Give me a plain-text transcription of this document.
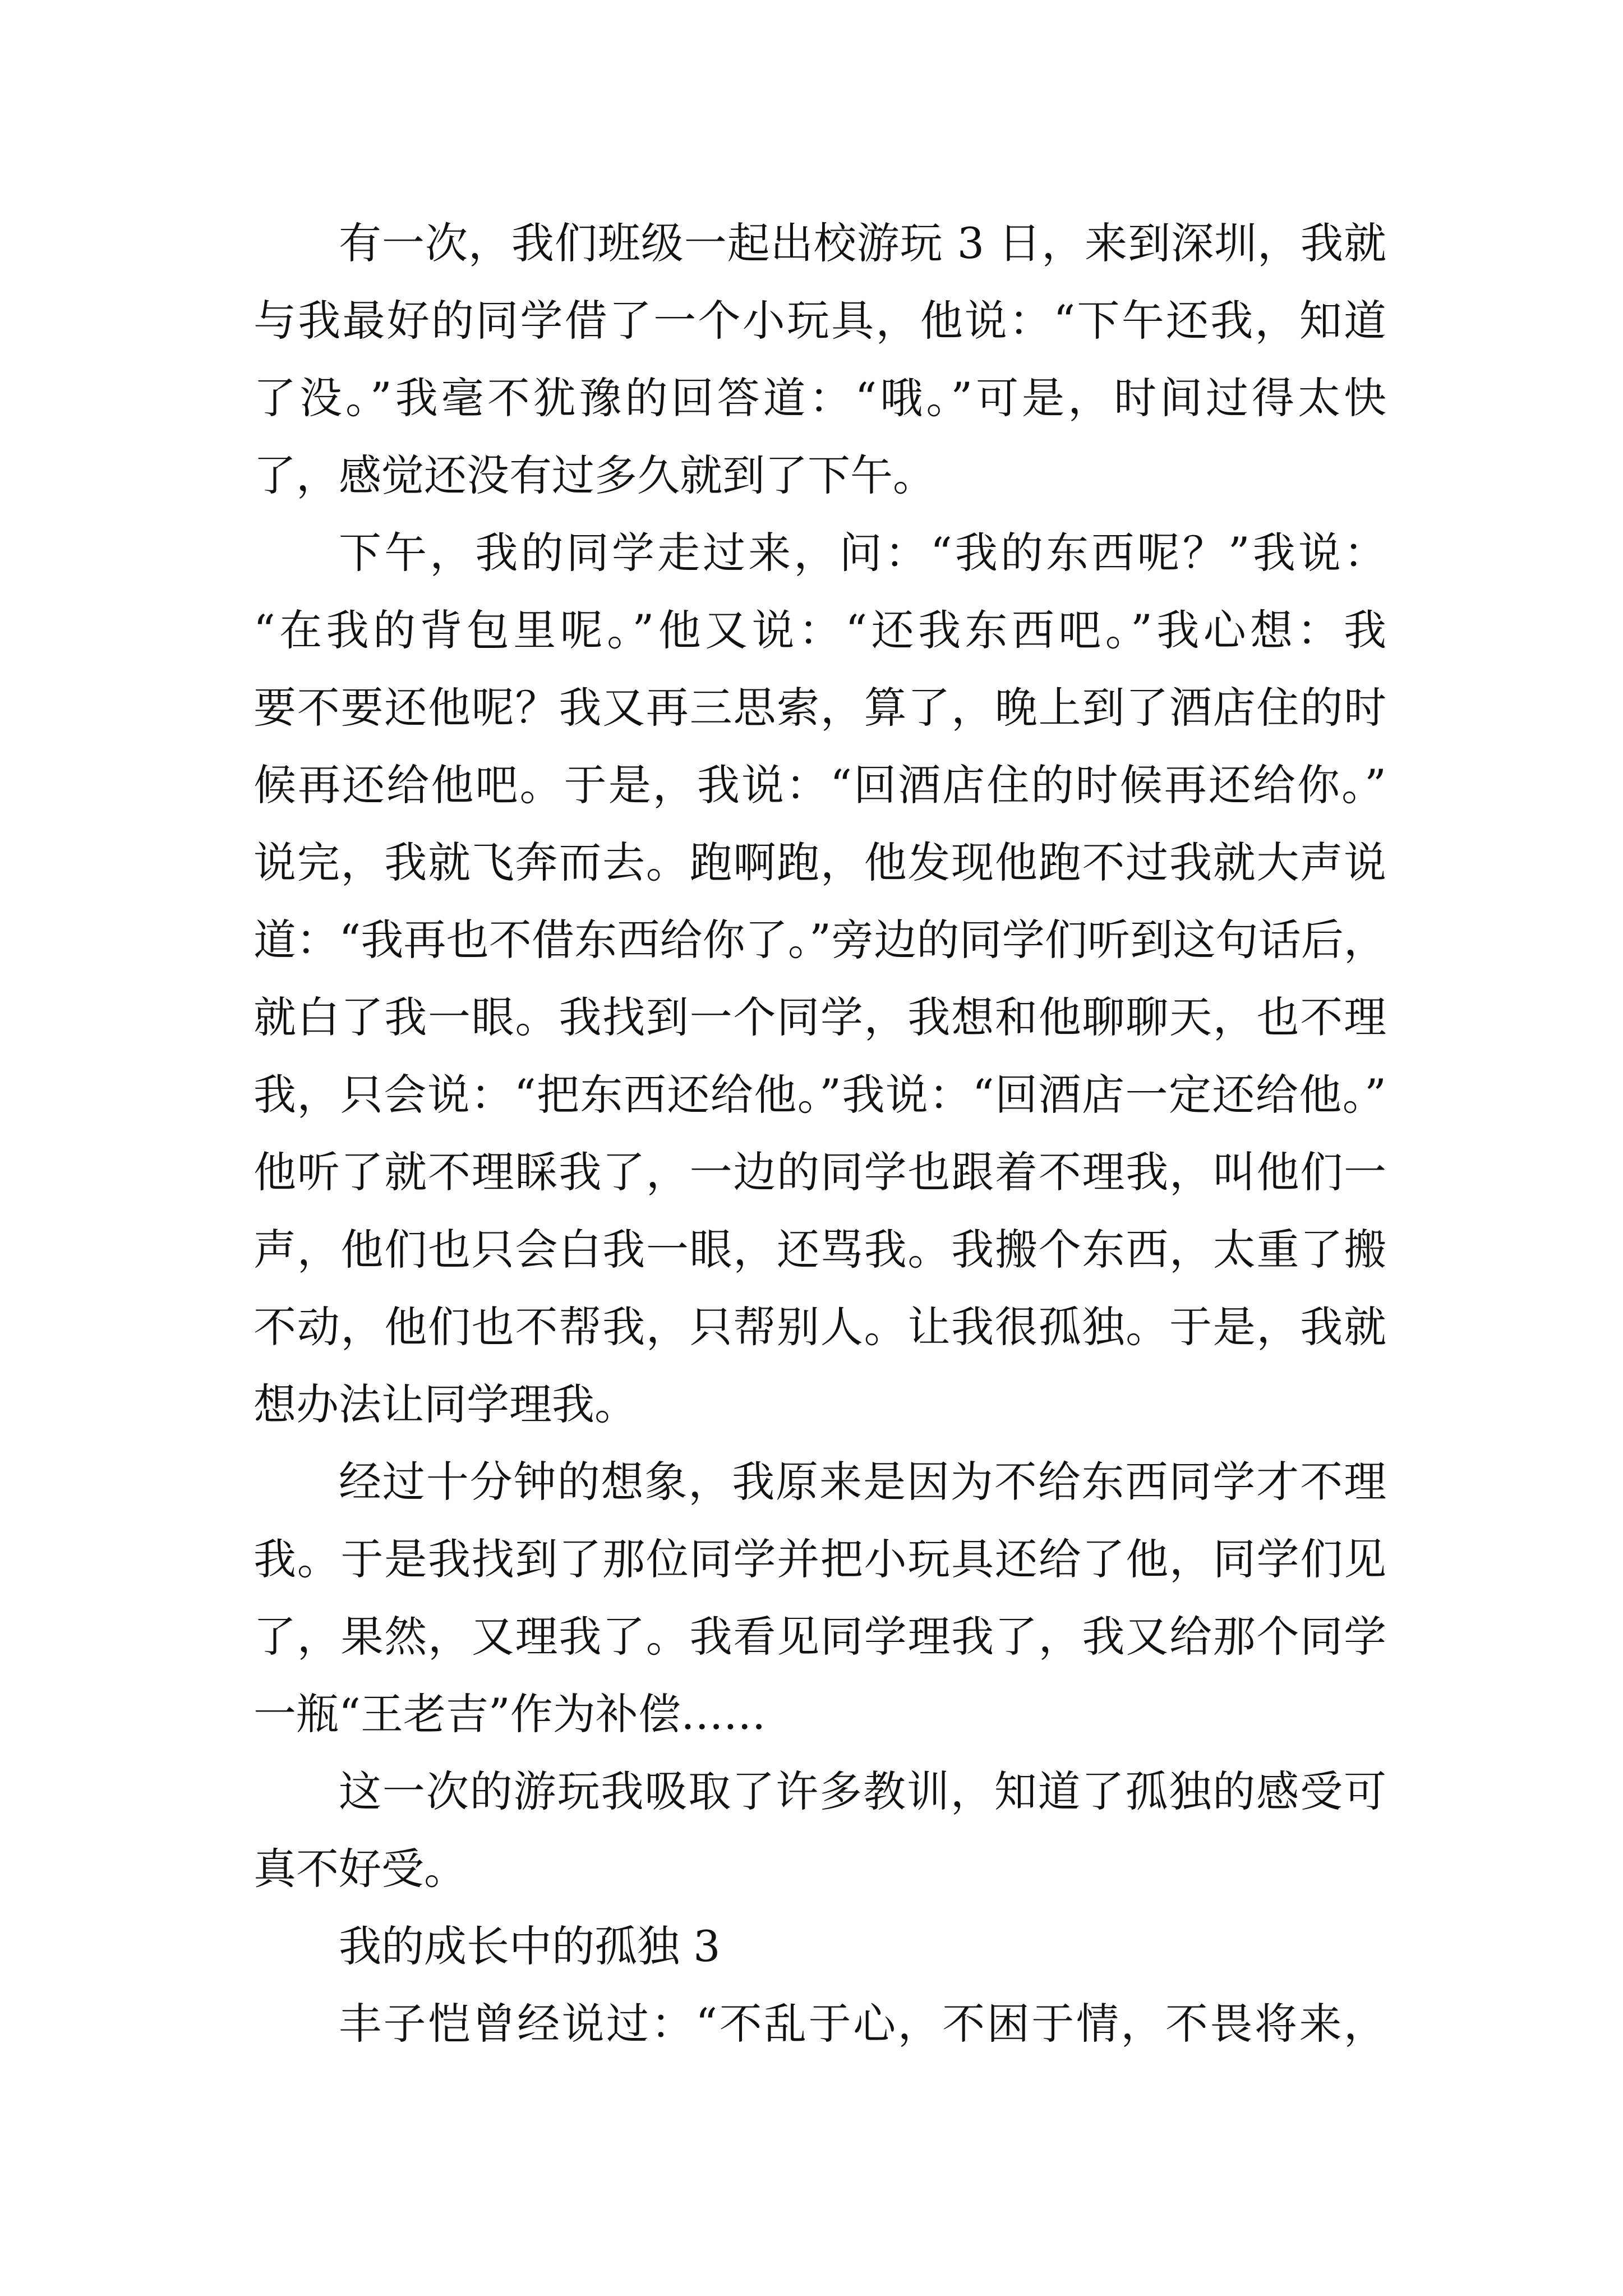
有一次，我们班级一起出校游玩 3 日，来到深圳，我就
与我最好的同学借了一个小玩具，他说：“下午还我，知道
了没。”我毫不犹豫的回答道：“哦。”可是，时间过得太快
了，感觉还没有过多久就到了下午。
下午，我的同学走过来，问：“我的东西呢？”我说：
“在我的背包里呢。”他又说：“还我东西吧。”我心想：我
要不要还他呢？我又再三思索，算了，晚上到了酒店住的时
候再还给他吧。于是，我说：“回酒店住的时候再还给你。”
说完，我就飞奔而去。跑啊跑，他发现他跑不过我就大声说
道：“我再也不借东西给你了。”旁边的同学们听到这句话后，
就白了我一眼。我找到一个同学，我想和他聊聊天，也不理
我，只会说：“把东西还给他。”我说：“回酒店一定还给他。”
他听了就不理睬我了，一边的同学也跟着不理我，叫他们一
声，他们也只会白我一眼，还骂我。我搬个东西，太重了搬
不动，他们也不帮我，只帮别人。让我很孤独。于是，我就
想办法让同学理我。
经过十分钟的想象，我原来是因为不给东西同学才不理
我。于是我找到了那位同学并把小玩具还给了他，同学们见
了，果然，又理我了。我看见同学理我了，我又给那个同学
一瓶“王老吉”作为补偿……
这一次的游玩我吸取了许多教训，知道了孤独的感受可
真不好受。
我的成长中的孤独 3
丰子恺曾经说过：“不乱于心，不困于情，不畏将来，
